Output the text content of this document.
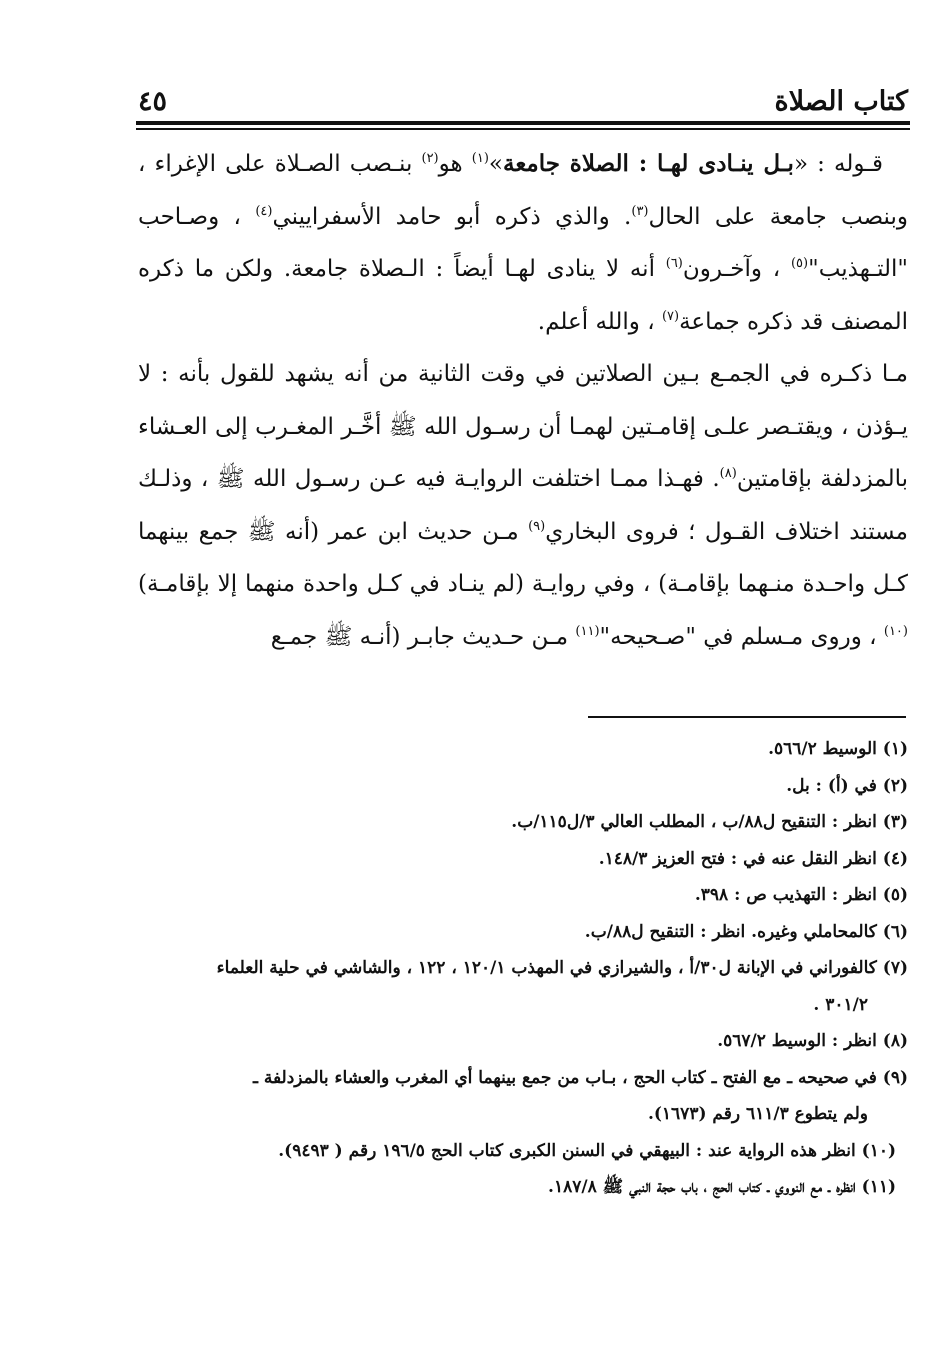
كتاب الصلاة
٤٥

قـوله : «بـل ينـادى لهـا : الصلاة جامعة»$^{(١)}$ هو$^{(٢)}$ بنـصب الصـلاة على الإغراء ، وبنصب جامعة على الحال$^{(٣)}$. والذي ذكره أبو حامد الأسفراييني$^{(٤)}$ ، وصـاحب "التـهذيب"$^{(٥)}$ ، وآخـرون$^{(٦)}$ أنه لا ينادى لهـا أيضاً : الـصلاة جامعة. ولكن ما ذكره المصنف قد ذكره جماعة$^{(٧)}$ ، والله أعلم.

مـا ذكـره في الجمـع بـين الصلاتين في وقت الثانية من أنه يشهد للقول بأنه : لا يـؤذن ، ويقتـصر علـى إقامـتين لهمـا أن رسـول الله ﷺ أخَّـر المغـرب إلى العـشاء بالمزدلفة بإقامتين$^{(٨)}$. فهـذا ممـا اختلفت الروايـة فيه عـن رسـول الله ﷺ ، وذلـك مستند اختلاف القـول ؛ فروى البخاري$^{(٩)}$ مـن حديث ابن عمر (أنه ﷺ جمع بينهما كـل واحـدة منـهما بإقامـة) ، وفي روايـة (لم ينـاد في كـل واحدة منهما إلا بإقامـة)$^{(١٠)}$ ، وروى مـسلم في "صـحيحه"$^{(١١)}$ مـن حـديث جابـر (أنـه ﷺ جمـع

(١) الوسيط ٥٦٦/٢.
(٢) في (أ) : بل.
(٣) انظر : التنقيح ل٨٨/ب ، المطلب العالي ٣/ل١١٥/ب.
(٤) انظر النقل عنه في : فتح العزيز ١٤٨/٣.
(٥) انظر : التهذيب ص : ٣٩٨.
(٦) كالمحاملي وغيره. انظر : التنقيح ل٨٨/ب.
(٧) كالفوراني في الإبانة ل٣٠/أ ، والشيرازي في المهذب ١٢٠/١ ، ١٢٢ ، والشاشي في حلية العلماء
٣٠١/٢ .
(٨) انظر : الوسيط ٥٦٧/٢.
(٩) في صحيحه ـ مع الفتح ـ كتاب الحج ، بـاب من جمع بينهما أي المغرب والعشاء بالمزدلفة ـ
ولم يتطوع ٦١١/٣ رقم (١٦٧٣).
(١٠) انظر هذه الرواية عند : البيهقي في السنن الكبرى كتاب الحج ١٩٦/٥ رقم ( ٩٤٩٣).
(١١) انظره ـ مع النووي ـ كتاب الحج ، باب حجة النبي ﷺ ١٨٧/٨.
